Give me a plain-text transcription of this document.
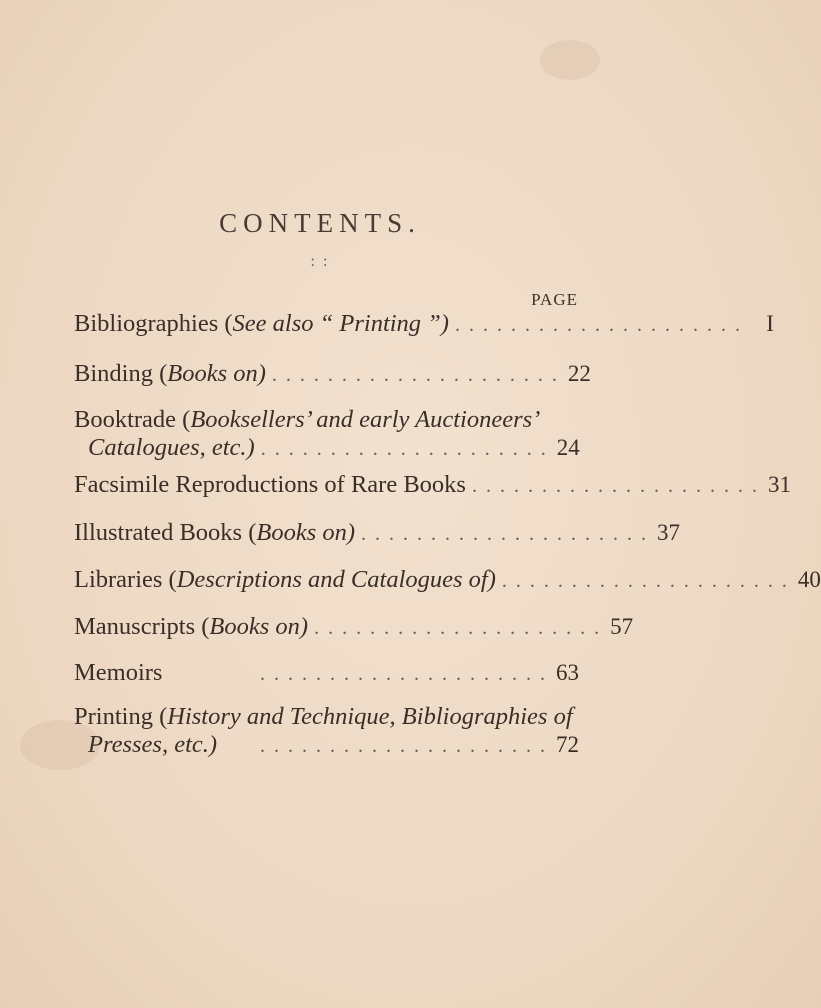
CONTENTS.
: :
PAGE
Bibliographies (See also “ Printing ”) . . . . . . . . . . . . . . . . . . . . .	I
Binding (Books on) . . . . . . . . . . . . . . . . . . . . . 22
Booktrade (Booksellers’ and early Auctioneers’
Catalogues, etc.) . . . . . . . . . . . . . . . . . . . . . 24
Facsimile Reproductions of Rare Books . . . . . . . . . . . . . . . . . . . . . 31
Illustrated Books (Books on) . . . . . . . . . . . . . . . . . . . . . 37
Libraries (Descriptions and Catalogues of) . . . . . . . . . . . . . . . . . . . . . 40
Manuscripts (Books on) . . . . . . . . . . . . . . . . . . . . . 57
Memoirs	. . . . . . . . . . . . . . . . . . . . . 63
Printing (History and Technique, Bibliographies of
Presses, etc.)	. . . . . . . . . . . . . . . . . . . . . 72
